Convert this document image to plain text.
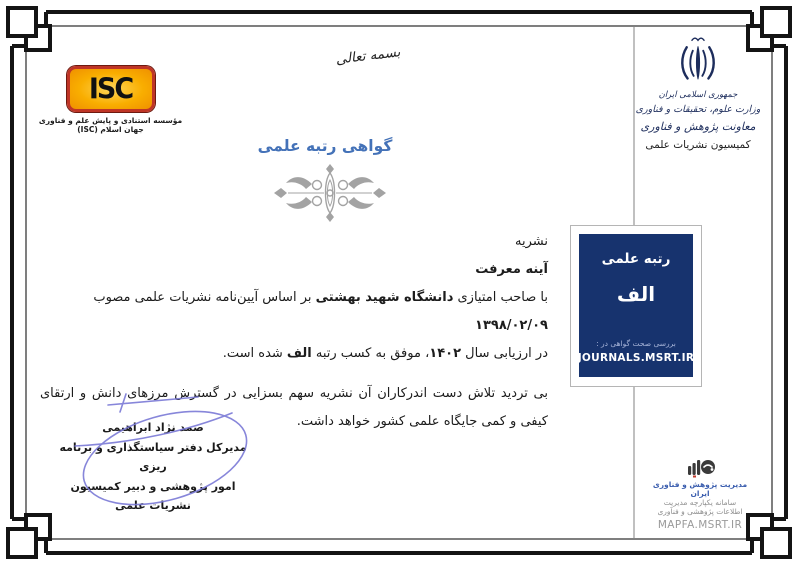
بسمه تعالی
ISC
مؤسسه استنادی و پایش علم و فناوری
جهان اسلام (ISC)
جمهوری اسلامی ایران
وزارت علوم، تحقیقات و فناوری
معاونت پژوهش و فناوری
کمیسیون نشریات علمی
گواهی رتبه علمی
نشریه
آینه معرفت
با صاحب امتیازی دانشگاه شهید بهشتی بر اساس آیین‌نامه نشریات علمی مصوب ۱۳۹۸/۰۲/۰۹
در ارزیابی سال ۱۴۰۲، موفق به کسب رتبه الف شده است.
بی تردید تلاش دست اندرکاران آن نشریه سهم بسزایی در گسترش مرزهای دانش و ارتقای
کیفی و کمی جایگاه علمی کشور خواهد داشت.
صمد نژاد ابراهیمی
مدیرکل دفتر سیاستگذاری و برنامه ریزی
امور پژوهشی و دبیر کمیسیون
نشریات علمی
رتبه علمی
الف
بررسی صحت گواهی در :
JOURNALS.MSRT.IR
مدیریت پژوهش و فناوری ایران
سامانه یکپارچه مدیریت
اطلاعات پژوهشی و فنآوری
MAPFA.MSRT.IR
